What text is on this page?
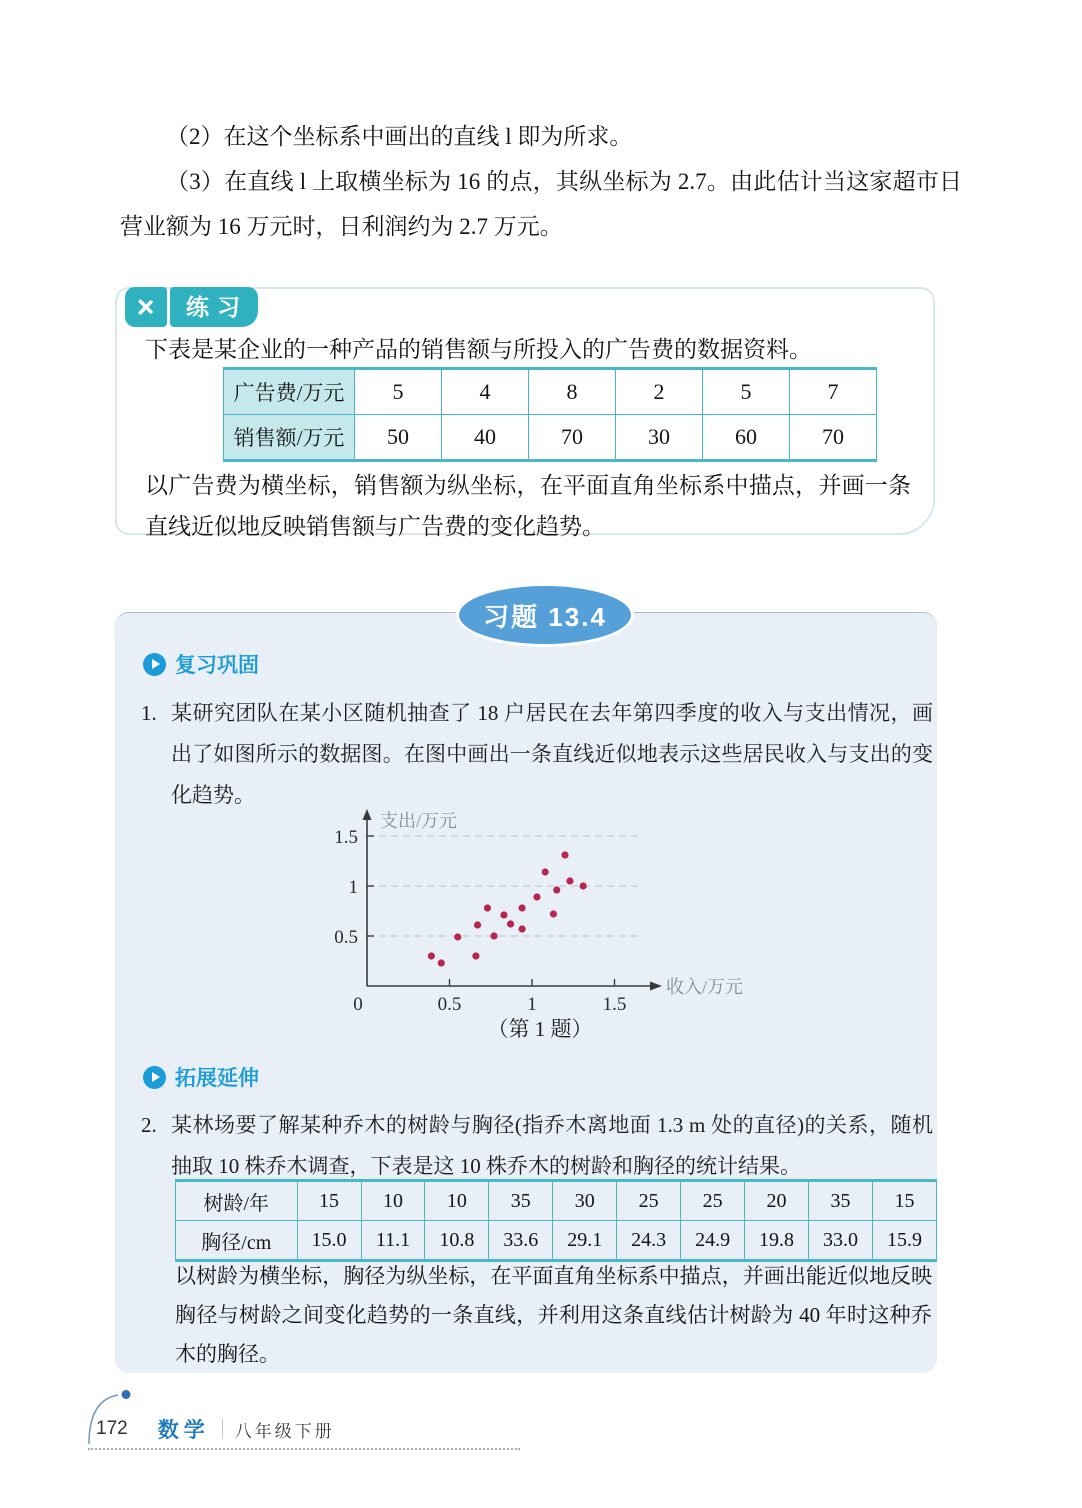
（2）在这个坐标系中画出的直线 l 即为所求。

（3）在直线 l 上取横坐标为 16 的点，其纵坐标为 2.7。由此估计当这家超市日营业额为 16 万元时，日利润约为 2.7 万元。

练习
下表是某企业的一种产品的销售额与所投入的广告费的数据资料。
广告费/万元	5	4	8	2	5	7
销售额/万元	50	40	70	30	60	70
以广告费为横坐标，销售额为纵坐标，在平面直角坐标系中描点，并画一条直线近似地反映销售额与广告费的变化趋势。
习题 13.4
复习巩固
1. 某研究团队在某小区随机抽查了 18 户居民在去年第四季度的收入与支出情况，画出了如图所示的数据图。在图中画出一条直线近似地表示这些居民收入与支出的变化趋势。
0	0.5	1	1.5
0.5
1
1.5
支出/万元
收入/万元
（第 1 题）
拓展延伸
2. 某林场要了解某种乔木的树龄与胸径(指乔木离地面 1.3 m 处的直径)的关系，随机抽取 10 株乔木调查，下表是这 10 株乔木的树龄和胸径的统计结果。
树龄/年	15	10	10	35	30	25	25	20	35	15
胸径/cm	15.0	11.1	10.8	33.6	29.1	24.3	24.9	19.8	33.0	15.9
以树龄为横坐标，胸径为纵坐标，在平面直角坐标系中描点，并画出能近似地反映胸径与树龄之间变化趋势的一条直线，并利用这条直线估计树龄为 40 年时这种乔木的胸径。
172 数学 八年级下册
